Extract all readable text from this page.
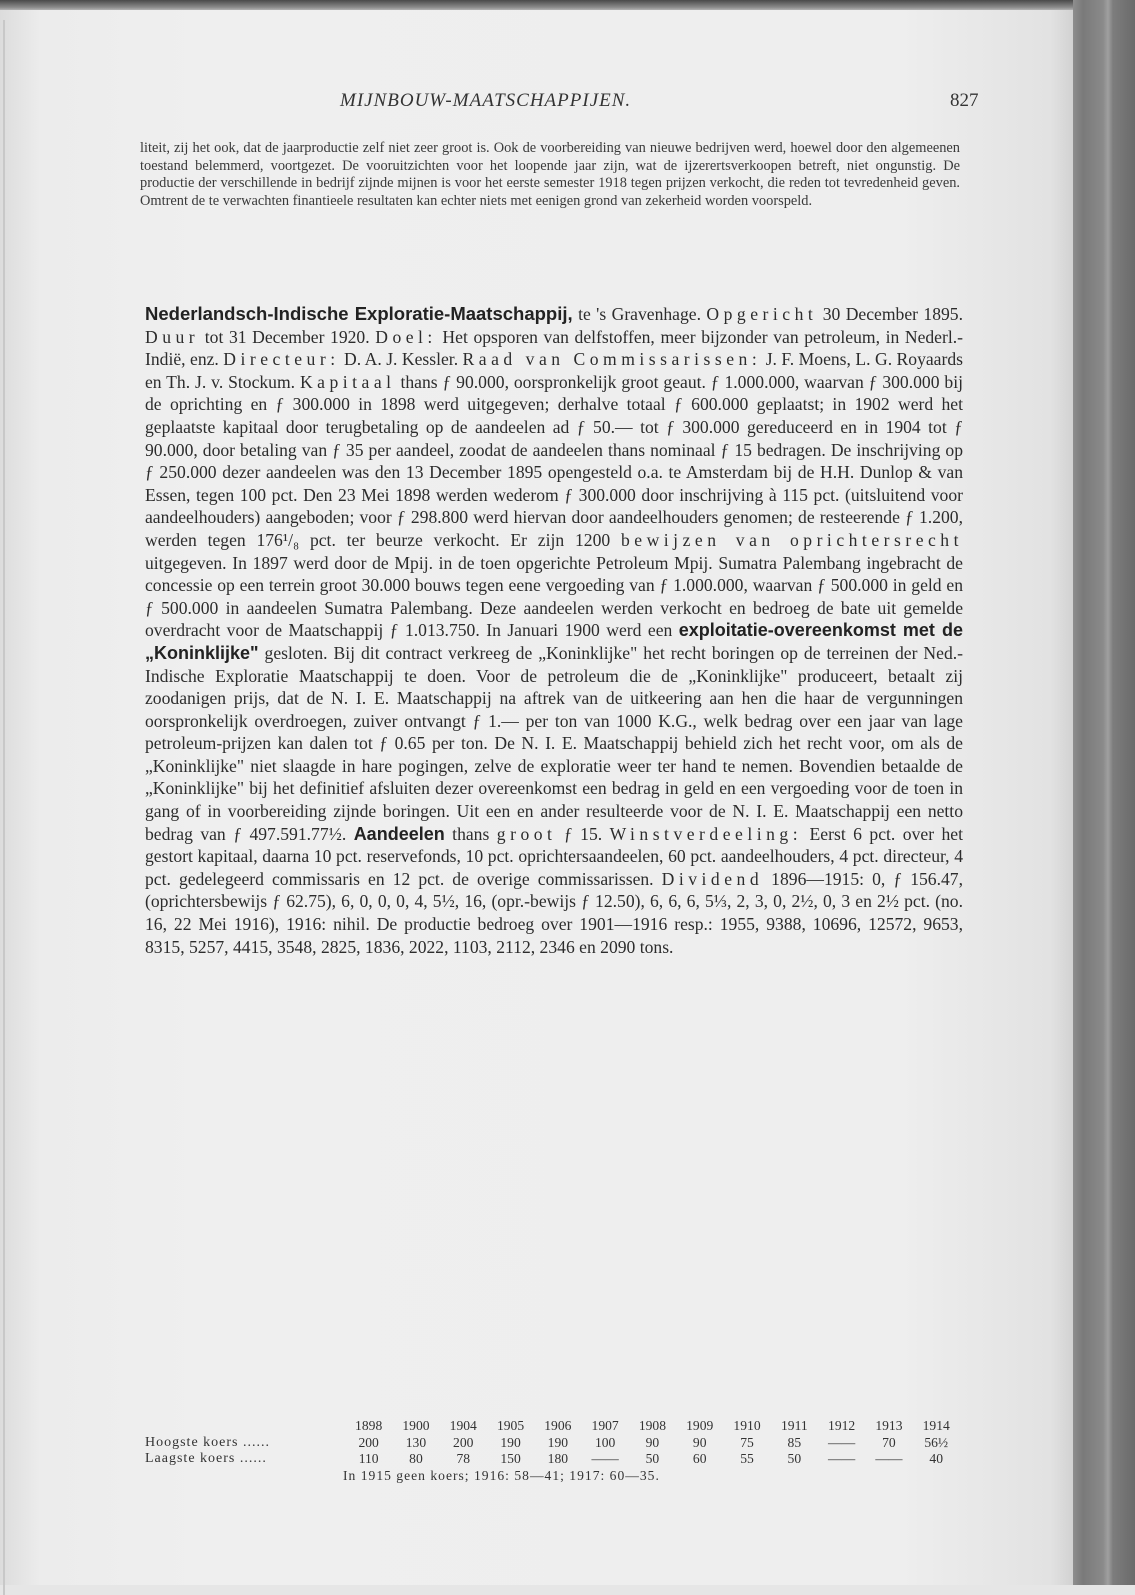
MIJNBOUW-MAATSCHAPPIJEN.	827
liteit, zij het ook, dat de jaarproductie zelf niet zeer groot is. Ook de voorbereiding van nieuwe bedrijven werd, hoewel door den algemeenen toestand belemmerd, voortgezet. De vooruitzichten voor het loopende jaar zijn, wat de ijzerertsverkoopen betreft, niet ongunstig. De productie der verschillende in bedrijf zijnde mijnen is voor het eerste semester 1918 tegen prijzen verkocht, die reden tot tevredenheid geven. Omtrent de te verwachten finantieele resultaten kan echter niets met eenigen grond van zekerheid worden voorspeld.

Nederlandsch-Indische Exploratie-Maatschappij, te 's Gravenhage. Opgericht 30 December 1895. Duur tot 31 December 1920. Doel: Het opsporen van delfstoffen, meer bijzonder van petroleum, in Nederl.-Indië, enz. Directeur: D. A. J. Kessler. Raad van Commissarissen: J. F. Moens, L. G. Royaards en Th. J. v. Stockum. Kapitaal thans ƒ 90.000, oorspronkelijk groot geaut. ƒ 1.000.000, waarvan ƒ 300.000 bij de oprichting en ƒ 300.000 in 1898 werd uitgegeven; derhalve totaal ƒ 600.000 geplaatst; in 1902 werd het geplaatste kapitaal door terugbetaling op de aandeelen ad ƒ 50.— tot ƒ 300.000 gereduceerd en in 1904 tot ƒ 90.000, door betaling van ƒ 35 per aandeel, zoodat de aandeelen thans nominaal ƒ 15 bedragen. De inschrijving op ƒ 250.000 dezer aandeelen was den 13 December 1895 opengesteld o.a. te Amsterdam bij de H.H. Dunlop & van Essen, tegen 100 pct. Den 23 Mei 1898 werden wederom ƒ 300.000 door inschrijving à 115 pct. (uitsluitend voor aandeelhouders) aangeboden; voor ƒ 298.800 werd hiervan door aandeelhouders genomen; de resteerende ƒ 1.200, werden tegen 176¹/₈ pct. ter beurze verkocht. Er zijn 1200 bewijzen van oprichtersrecht uitgegeven. In 1897 werd door de Mpij. in de toen opgerichte Petroleum Mpij. Sumatra Palembang ingebracht de concessie op een terrein groot 30.000 bouws tegen eene vergoeding van ƒ 1.000.000, waarvan ƒ 500.000 in geld en ƒ 500.000 in aandeelen Sumatra Palembang. Deze aandeelen werden verkocht en bedroeg de bate uit gemelde overdracht voor de Maatschappij ƒ 1.013.750. In Januari 1900 werd een exploitatie-overeenkomst met de „Koninklijke" gesloten. Bij dit contract verkreeg de „Koninklijke" het recht boringen op de terreinen der Ned.-Indische Exploratie Maatschappij te doen. Voor de petroleum die de „Koninklijke" produceert, betaalt zij zoodanigen prijs, dat de N. I. E. Maatschappij na aftrek van de uitkeering aan hen die haar de vergunningen oorspronkelijk overdroegen, zuiver ontvangt ƒ 1.— per ton van 1000 K.G., welk bedrag over een jaar van lage petroleum-prijzen kan dalen tot ƒ 0.65 per ton. De N. I. E. Maatschappij behield zich het recht voor, om als de „Koninklijke" niet slaagde in hare pogingen, zelve de exploratie weer ter hand te nemen. Bovendien betaalde de „Koninklijke" bij het definitief afsluiten dezer overeenkomst een bedrag in geld en een vergoeding voor de toen in gang of in voorbereiding zijnde boringen. Uit een en ander resulteerde voor de N. I. E. Maatschappij een netto bedrag van ƒ 497.591.77½. Aandeelen thans groot ƒ 15. Winstverdeeling: Eerst 6 pct. over het gestort kapitaal, daarna 10 pct. reservefonds, 10 pct. oprichtersaandeelen, 60 pct. aandeelhouders, 4 pct. directeur, 4 pct. gedelegeerd commissaris en 12 pct. de overige commissarissen. Dividend 1896—1915: 0, ƒ 156.47, (oprichtersbewijs ƒ 62.75), 6, 0, 0, 0, 4, 5½, 16, (opr.-bewijs ƒ 12.50), 6, 6, 6, 5⅓, 2, 3, 0, 2½, 0, 3 en 2½ pct. (no. 16, 22 Mei 1916), 1916: nihil. De productie bedroeg over 1901—1916 resp.: 1955, 9388, 10696, 12572, 9653, 8315, 5257, 4415, 3548, 2825, 1836, 2022, 1103, 2112, 2346 en 2090 tons.

1898	1900	1904	1905	1906	1907	1908	1909	1910	1911	1912	1913	1914
Hoogste koers ......	200	130	200	190	190	100	90	90	75	85	——	70	56½
Laagste koers ......	110	80	78	150	180	——	50	60	55	50	——	——	40
In 1915 geen koers; 1916: 58—41; 1917: 60—35.
